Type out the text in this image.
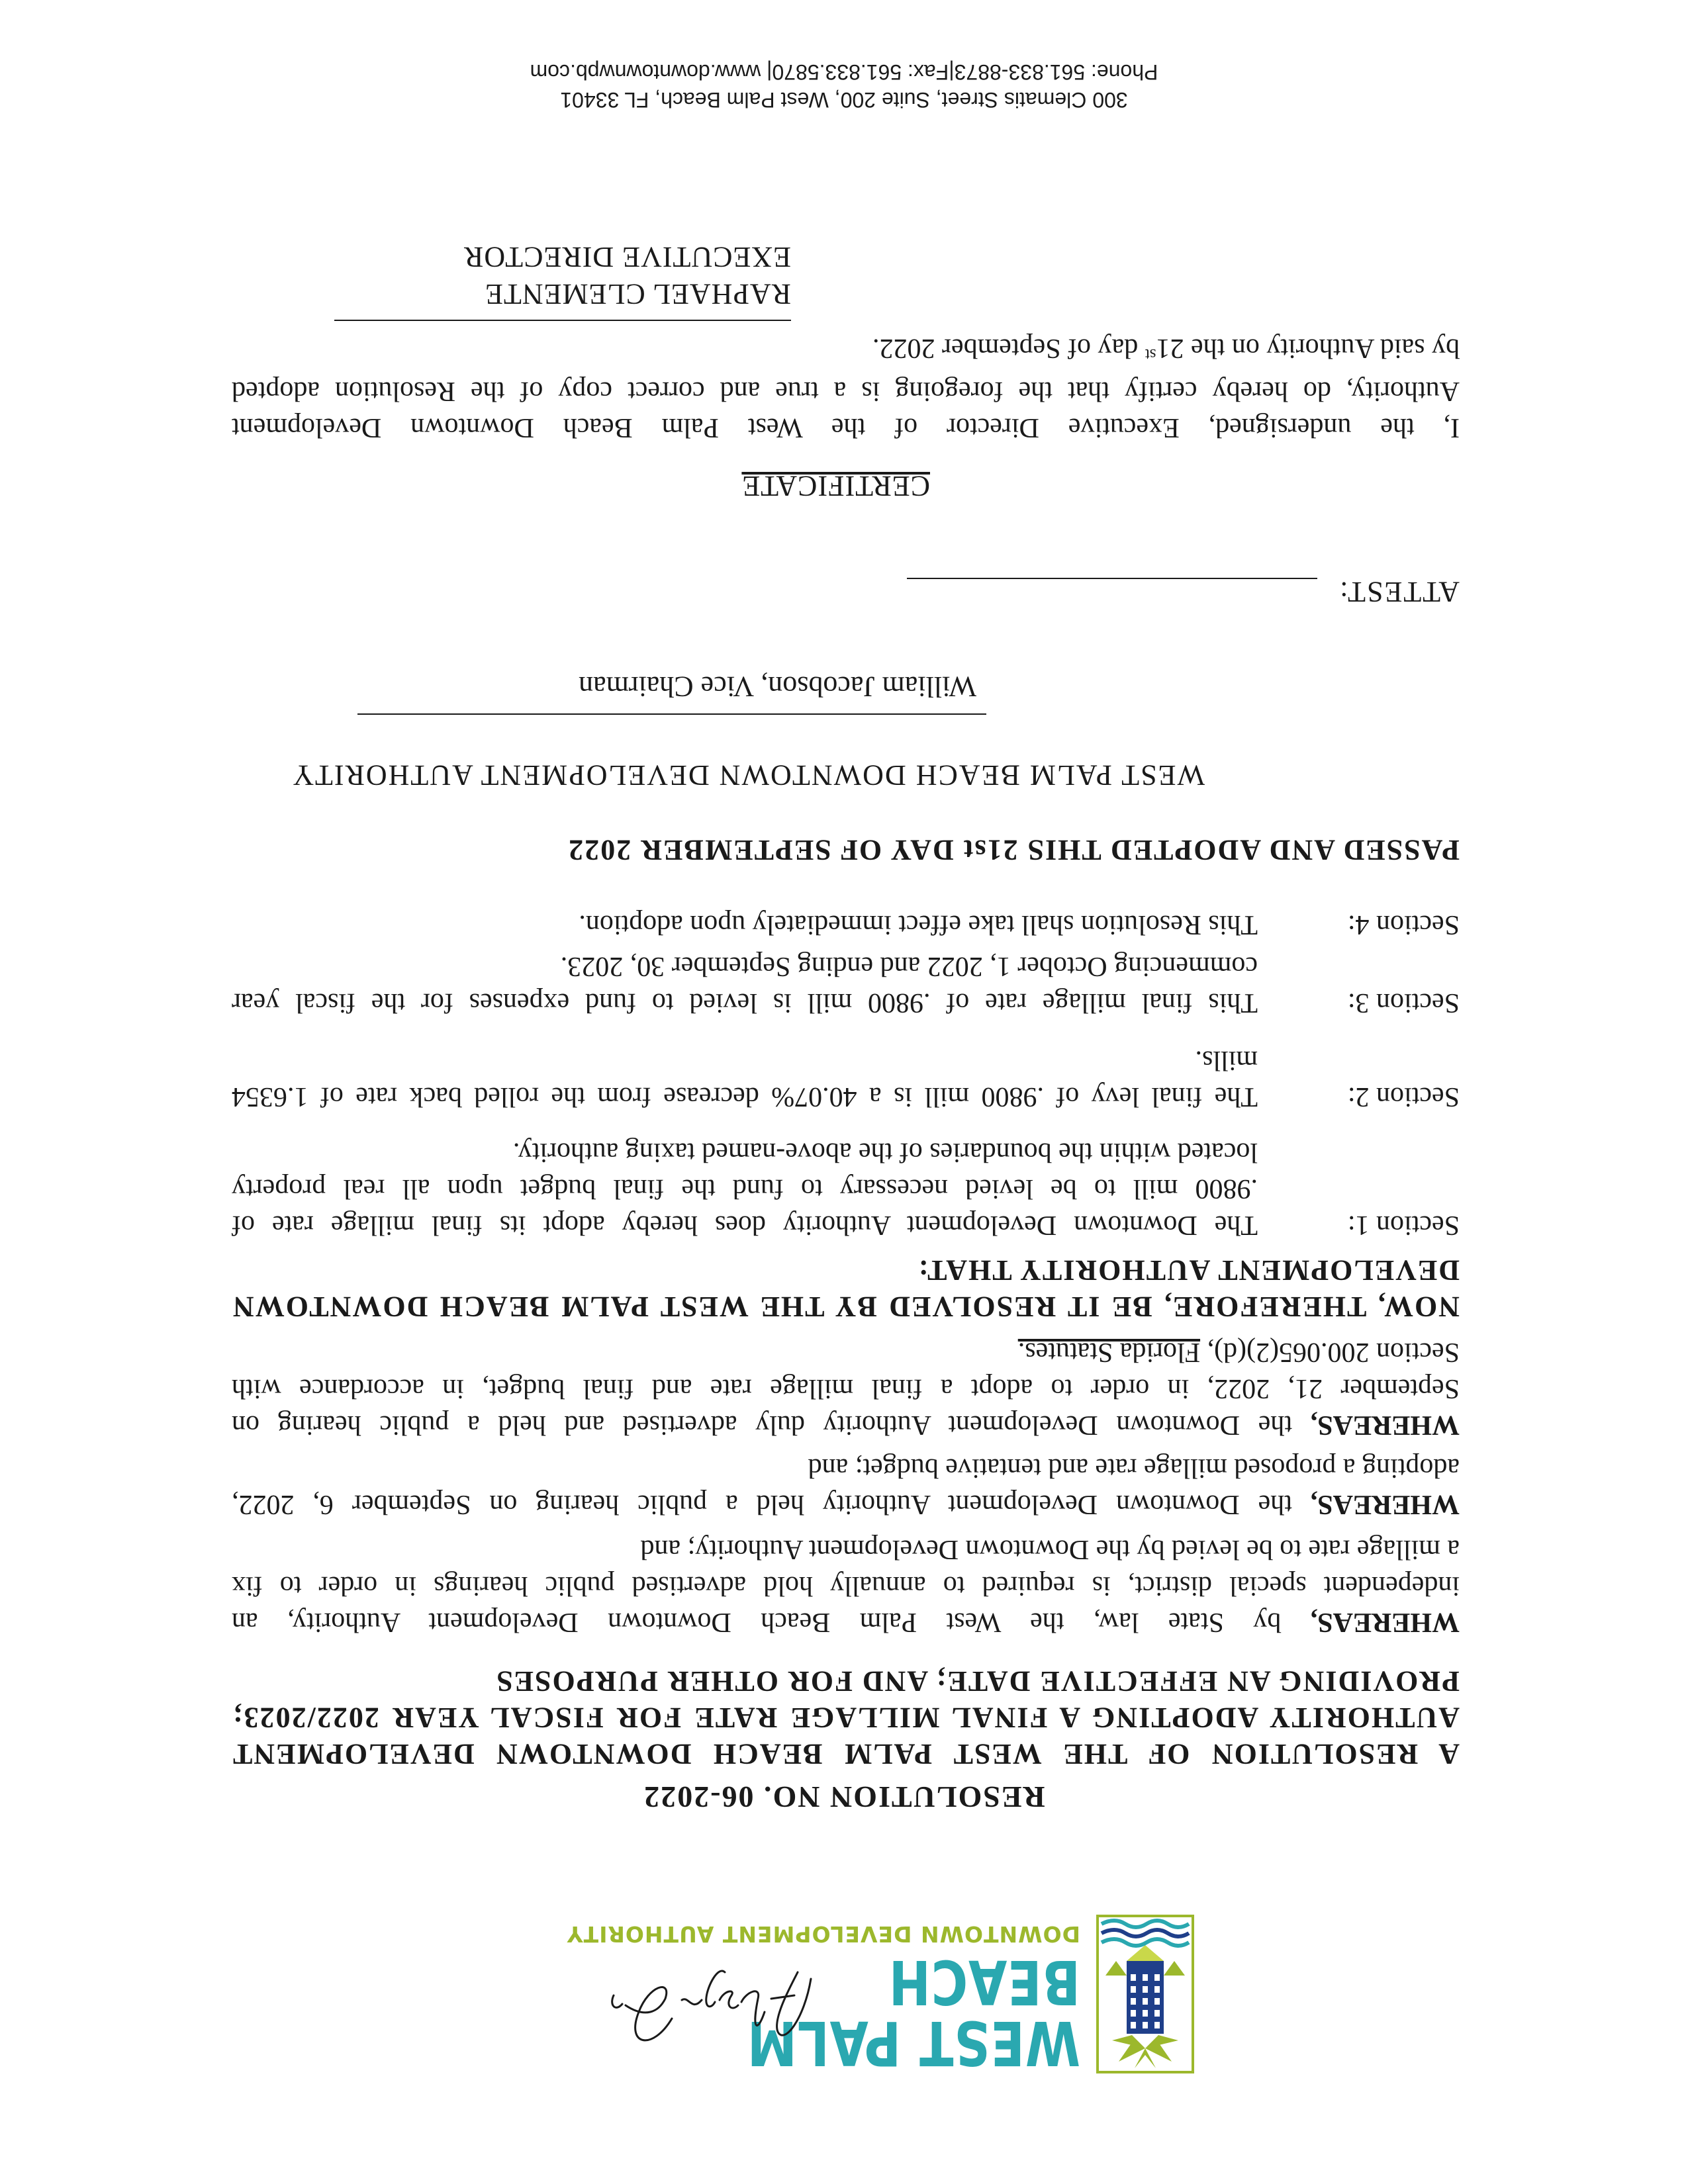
WEST PALM
BEACH
DOWNTOWN DEVELOPMENT AUTHORITY
RESOLUTION NO. 06-2022
A RESOLUTION OF THE WEST PALM BEACH DOWNTOWN DEVELOPMENT
AUTHORITY ADOPTING A FINAL MILLAGE RATE FOR FISCAL YEAR 2022/2023;
PROVIDING AN EFFECTIVE DATE; AND FOR OTHER PURPOSES
WHEREAS, by State law, the West Palm Beach Downtown Development Authority, an
independent special district, is required to annually hold advertised public hearings in order to fix
a millage rate to be levied by the Downtown Development Authority; and
WHEREAS, the Downtown Development Authority held a public hearing on September 6, 2022,
adopting a proposed millage rate and tentative budget; and
WHEREAS, the Downtown Development Authority duly advertised and held a public hearing on
September 21, 2022, in order to adopt a final millage rate and final budget, in accordance with
Section 200.065(2)(d), Florida Statutes.
NOW, THEREFORE, BE IT RESOLVED BY THE WEST PALM BEACH DOWNTOWN
DEVELOPMENT AUTHORITY THAT:
Section 1:
The Downtown Development Authority does hereby adopt its final millage rate of
.9800 mill to be levied necessary to fund the final budget upon all real property
located within the boundaries of the above-named taxing authority.
Section 2:
The final levy of .9800 mill is a 40.07% decrease from the rolled back rate of 1.6354
mills.
Section 3:
This final millage rate of .9800 mill is levied to fund expenses for the fiscal year
commencing October 1, 2022 and ending September 30, 2023.
Section 4:
This Resolution shall take effect immediately upon adoption.
PASSED AND ADOPTED THIS 21st DAY OF SEPTEMBER 2022
WEST PALM BEACH DOWNTOWN DEVELOPMENT AUTHORITY
William Jacobson, Vice Chairman
ATTEST:
CERTIFICATE
I, the undersigned, Executive Director of the West Palm Beach Downtown Development
Authority, do hereby certify that the foregoing is a true and correct copy of the Resolution adopted
by said Authority on the 21st day of September 2022.
RAPHAEL CLEMENTE
EXECUTIVE DIRECTOR
300 Clematis Street, Suite 200, West Palm Beach, FL 33401
Phone: 561.833-8873|Fax: 561.833.5870| www.downtownwpb.com
